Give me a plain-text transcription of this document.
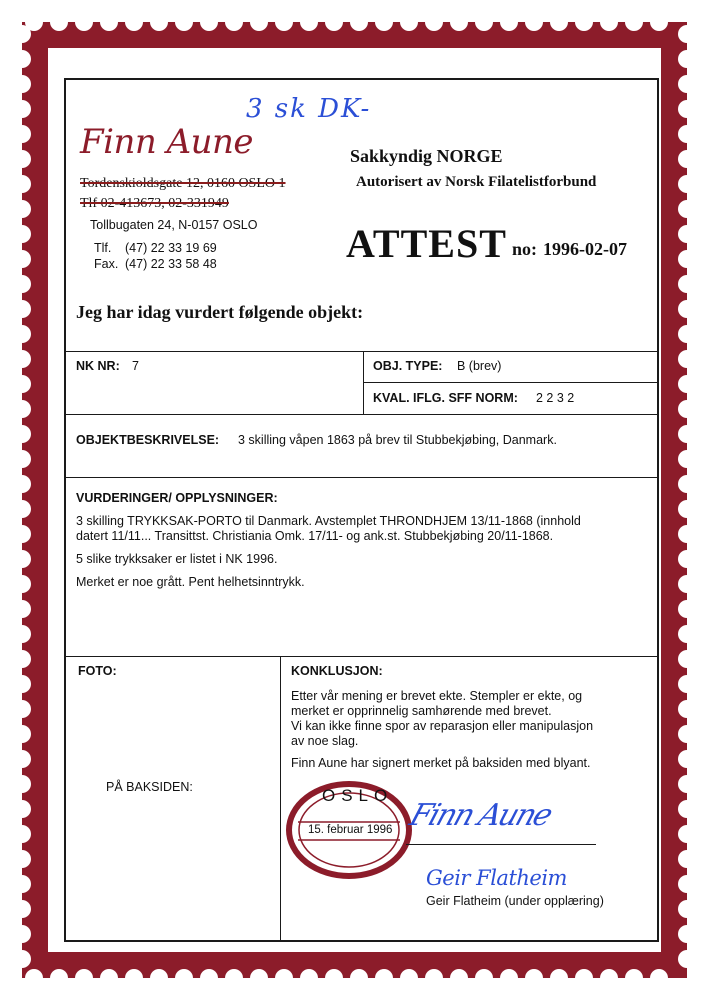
3 sk DK-
Finn Aune
Tordenskioldsgate 12, 0160 OSLO 1
Tlf 02-413673, 02-331949
Tollbugaten 24, N-0157 OSLO
Tlf. (47) 22 33 19 69
Fax. (47) 22 33 58 48
Sakkyndig NORGE
Autorisert av Norsk Filatelistforbund
ATTEST no: 1996-02-07
Jeg har idag vurdert følgende objekt:
NK NR: 7	OBJ. TYPE: B (brev)
KVAL. IFLG. SFF NORM: 2 2 3 2
OBJEKTBESKRIVELSE: 3 skilling våpen 1863 på brev til Stubbekjøbing, Danmark.
VURDERINGER/ OPPLYSNINGER:
3 skilling TRYKKSAK-PORTO til Danmark. Avstemplet THRONDHJEM 13/11-1868 (innhold
datert 11/11... Transittst. Christiania Omk. 17/11- og ank.st. Stubbekjøbing 20/11-1868.
5 slike trykksaker er listet i NK 1996.
Merket er noe grått. Pent helhetsinntrykk.
FOTO:
PÅ BAKSIDEN:
KONKLUSJON:
Etter vår mening er brevet ekte. Stempler er ekte, og
merket er opprinnelig samhørende med brevet.
Vi kan ikke finne spor av reparasjon eller manipulasjon
av noe slag.
Finn Aune har signert merket på baksiden med blyant.
OSLO
15. februar 1996 Finn Aune
Geir Flatheim
Geir Flatheim (under opplæring)
